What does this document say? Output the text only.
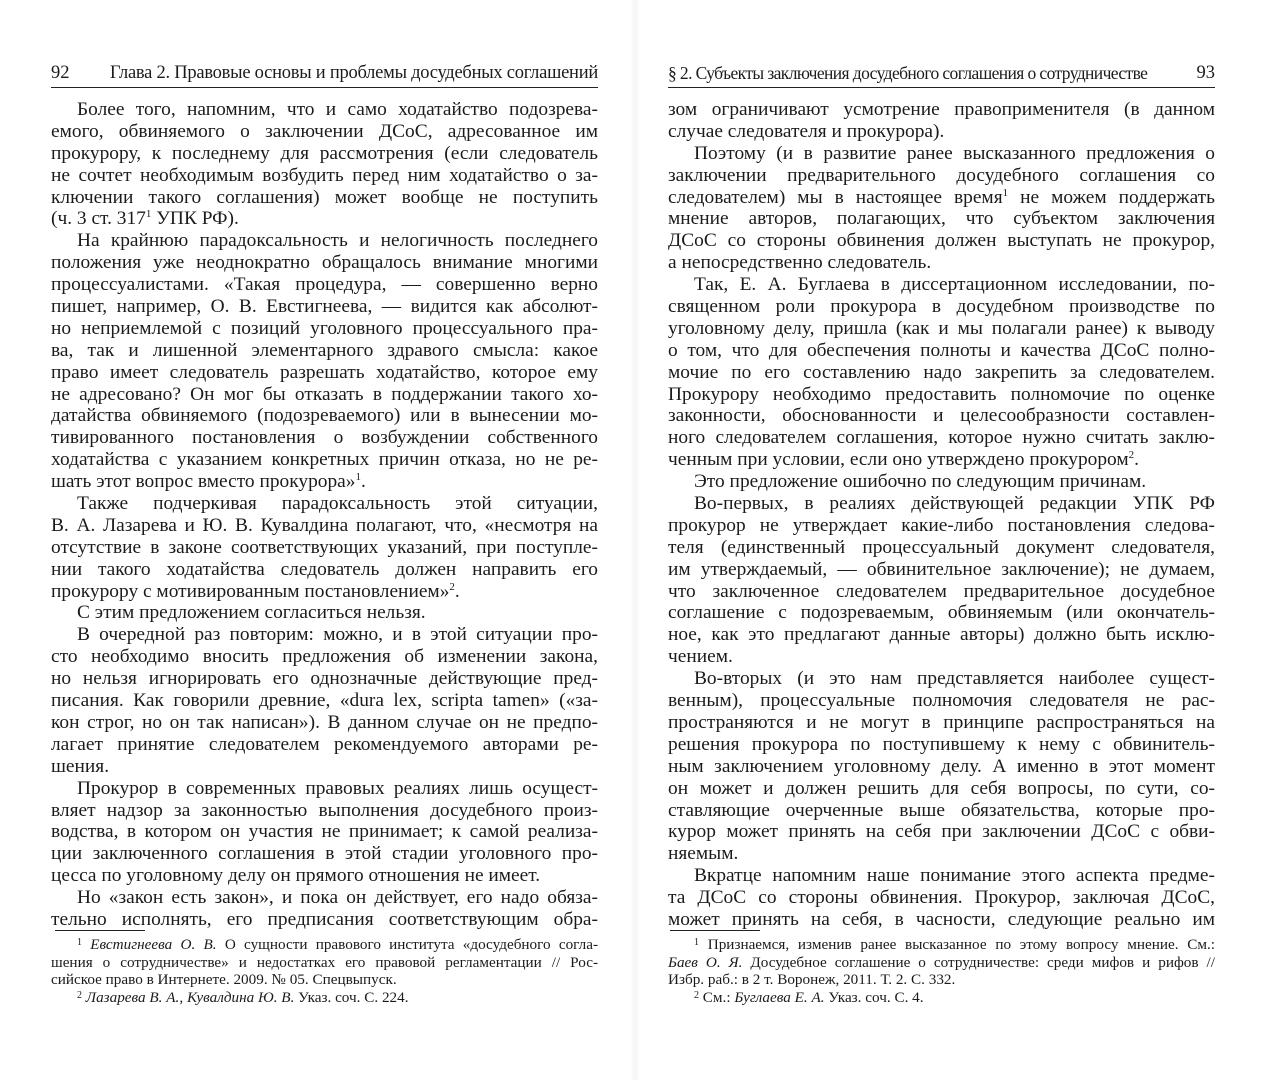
92 Глава 2. Правовые основы и проблемы досудебных соглашений
Более того, напомним, что и само ходатайство подозрева-
емого, обвиняемого о заключении ДСоС, адресованное им
прокурору, к последнему для рассмотрения (если следователь
не сочтет необходимым возбудить перед ним ходатайство о за-
ключении такого соглашения) может вообще не поступить
(ч. 3 ст. $317^1$ УПК РФ).
На крайнюю парадоксальность и нелогичность последнего
положения уже неоднократно обращалось внимание многими
процессуалистами. «Такая процедура, — совершенно верно
пишет, например, О. В. Евстигнеева, — видится как абсолют-
но неприемлемой с позиций уголовного процессуального пра-
ва, так и лишенной элементарного здравого смысла: какое
право имеет следователь разрешать ходатайство, которое ему
не адресовано? Он мог бы отказать в поддержании такого хо-
датайства обвиняемого (подозреваемого) или в вынесении мо-
тивированного постановления о возбуждении собственного
ходатайства с указанием конкретных причин отказа, но не ре-
шать этот вопрос вместо прокурора»$^1$.
Также подчеркивая парадоксальность этой ситуации,
В. А. Лазарева и Ю. В. Кувалдина полагают, что, «несмотря на
отсутствие в законе соответствующих указаний, при поступле-
нии такого ходатайства следователь должен направить его
прокурору с мотивированным постановлением»$^2$.
С этим предложением согласиться нельзя.
В очередной раз повторим: можно, и в этой ситуации про-
сто необходимо вносить предложения об изменении закона,
но нельзя игнорировать его однозначные действующие пред-
писания. Как говорили древние, «dura lex, scripta tamen» («за-
кон строг, но он так написан»). В данном случае он не предпо-
лагает принятие следователем рекомендуемого авторами ре-
шения.
Прокурор в современных правовых реалиях лишь осущест-
вляет надзор за законностью выполнения досудебного произ-
водства, в котором он участия не принимает; к самой реализа-
ции заключенного соглашения в этой стадии уголовного про-
цесса по уголовному делу он прямого отношения не имеет.
Но «закон есть закон», и пока он действует, его надо обяза-
тельно исполнять, его предписания соответствующим обра-
$^1$ Евстигнеева О. В. О сущности правового института «досудебного согла-
шения о сотрудничестве» и недостатках его правовой регламентации // Рос-
сийское право в Интернете. 2009. № 05. Спецвыпуск.
$^2$ Лазарева В. А., Кувалдина Ю. В. Указ. соч. С. 224.
§ 2. Субъекты заключения досудебного соглашения о сотрудничестве	93
зом ограничивают усмотрение правоприменителя (в данном
случае следователя и прокурора).
Поэтому (и в развитие ранее высказанного предложения о
заключении предварительного досудебного соглашения со
следователем) мы в настоящее время$^1$ не можем поддержать
мнение авторов, полагающих, что субъектом заключения
ДСоС со стороны обвинения должен выступать не прокурор,
а непосредственно следователь.
Так, Е. А. Буглаева в диссертационном исследовании, по-
священном роли прокурора в досудебном производстве по
уголовному делу, пришла (как и мы полагали ранее) к выводу
о том, что для обеспечения полноты и качества ДСоС полно-
мочие по его составлению надо закрепить за следователем.
Прокурору необходимо предоставить полномочие по оценке
законности, обоснованности и целесообразности составлен-
ного следователем соглашения, которое нужно считать заклю-
ченным при условии, если оно утверждено прокурором$^2$.
Это предложение ошибочно по следующим причинам.
Во-первых, в реалиях действующей редакции УПК РФ
прокурор не утверждает какие-либо постановления следова-
теля (единственный процессуальный документ следователя,
им утверждаемый, — обвинительное заключение); не думаем,
что заключенное следователем предварительное досудебное
соглашение с подозреваемым, обвиняемым (или окончатель-
ное, как это предлагают данные авторы) должно быть исклю-
чением.
Во-вторых (и это нам представляется наиболее сущест-
венным), процессуальные полномочия следователя не рас-
пространяются и не могут в принципе распространяться на
решения прокурора по поступившему к нему с обвинитель-
ным заключением уголовному делу. А именно в этот момент
он может и должен решить для себя вопросы, по сути, со-
ставляющие очерченные выше обязательства, которые про-
курор может принять на себя при заключении ДСоС с обви-
няемым.
Вкратце напомним наше понимание этого аспекта предме-
та ДСоС со стороны обвинения. Прокурор, заключая ДСоС,
может принять на себя, в часности, следующие реально им
$^1$ Признаемся, изменив ранее высказанное по этому вопросу мнение. См.:
Баев О. Я. Досудебное соглашение о сотрудничестве: среди мифов и рифов //
Избр. раб.: в 2 т. Воронеж, 2011. Т. 2. С. 332.
$^2$ См.: Буглаева Е. А. Указ. соч. С. 4.
